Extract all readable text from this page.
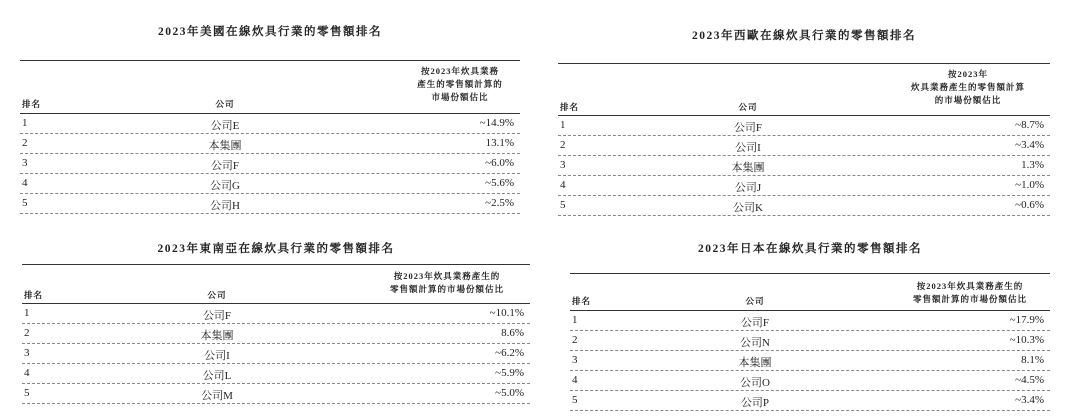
2023年美國在線炊具行業的零售額排名
按2023年炊具業務
產生的零售額計算的
市場份額估比
排名	公司
1	公司E	~14.9%
2	本集團	13.1%
3	公司F	~6.0%
4	公司G	~5.6%
5	公司H	~2.5%
2023年西歐在線炊具行業的零售額排名
按2023年
炊具業務產生的零售額計算
的市場份額估比
排名	公司
1	公司F	~8.7%
2	公司I	~3.4%
3	本集團	1.3%
4	公司J	~1.0%
5	公司K	~0.6%
2023年東南亞在線炊具行業的零售額排名
按2023年炊具業務產生的
零售額計算的市場份額估比
排名	公司
1	公司F	~10.1%
2	本集團	8.6%
3	公司I	~6.2%
4	公司L	~5.9%
5	公司M	~5.0%
2023年日本在線炊具行業的零售額排名
按2023年炊具業務產生的
零售額計算的市場份額估比
排名	公司
1	公司F	~17.9%
2	公司N	~10.3%
3	本集團	8.1%
4	公司O	~4.5%
5	公司P	~3.4%
